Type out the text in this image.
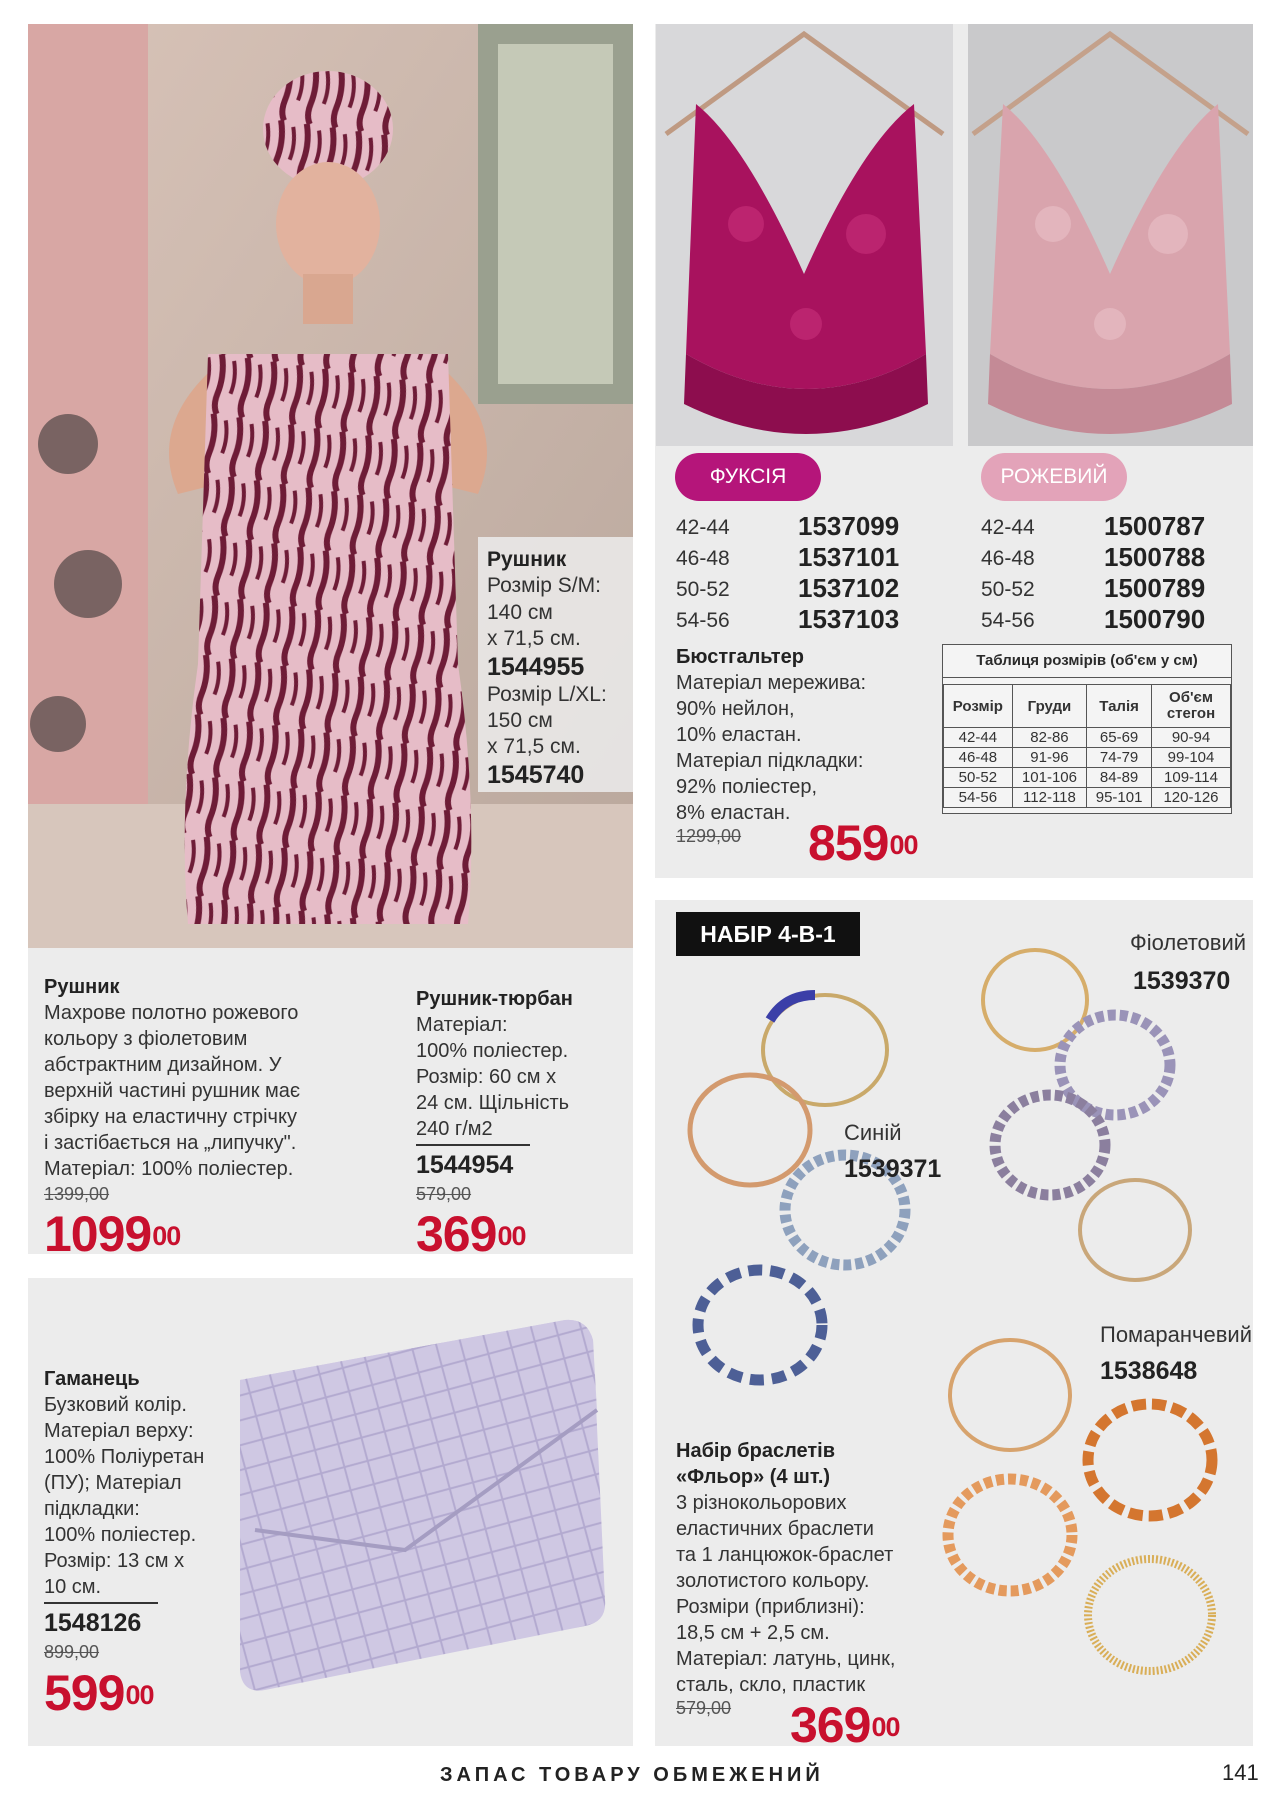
Рушник
Розмір S/M:
140 см
х 71,5 см.
1544955
Розмір L/XL:
150 см
х 71,5 см.
1545740
Рушник
Махрове полотно рожевого
кольору з фіолетовим
абстрактним дизайном. У
верхній частині рушник має
збірку на еластичну стрічку
і застібається на „липучку".
Матеріал: 100% поліестер.
1399,00
1099$^{00}$
Рушник-тюрбан
Матеріал:
100% поліестер.
Розмір: 60 см х
24 см. Щільність
240 г/м2
1544954
579,00
$369^{00}$
ФУКСІЯ	РОЖЕВИЙ
42-44	1537099
46-48	1537101
50-52	1537102
54-56	1537103
42-44	1500787
46-48	1500788
50-52	1500789
54-56	1500790
Бюстгальтер
Матеріал мережива:
90% нейлон,
10% еластан.
Матеріал підкладки:
92% поліестер,
8% еластан.
1299,00 $859^{00}$
Таблиця розмірів (об'єм у см)
Розмір	Груди	Талія	Об'єм стегон
42-44	82-86	65-69	90-94
46-48	91-96	74-79	99-104
50-52	101-106	84-89	109-114
54-56	112-118	95-101	120-126
Гаманець
Бузковий колір.
Матеріал верху:
100% Поліуретан
(ПУ); Матеріал
підкладки:
100% поліестер.
Розмір: 13 см х
10 см.
1548126
899,00
$599^{00}$
НАБІР 4-В-1	Фіолетовий
1539370
Синій
1539371
Помаранчевий
1538648
Набір браслетів
«Фльор» (4 шт.)
3 різнокольорових
еластичних браслети
та 1 ланцюжок-браслет
золотистого кольору.
Розміри (приблизні):
18,5 см + 2,5 см.
Матеріал: латунь, цинк,
сталь, скло, пластик
579,00 $369^{00}$
ЗАПАС ТОВАРУ ОБМЕЖЕНИЙ	141
